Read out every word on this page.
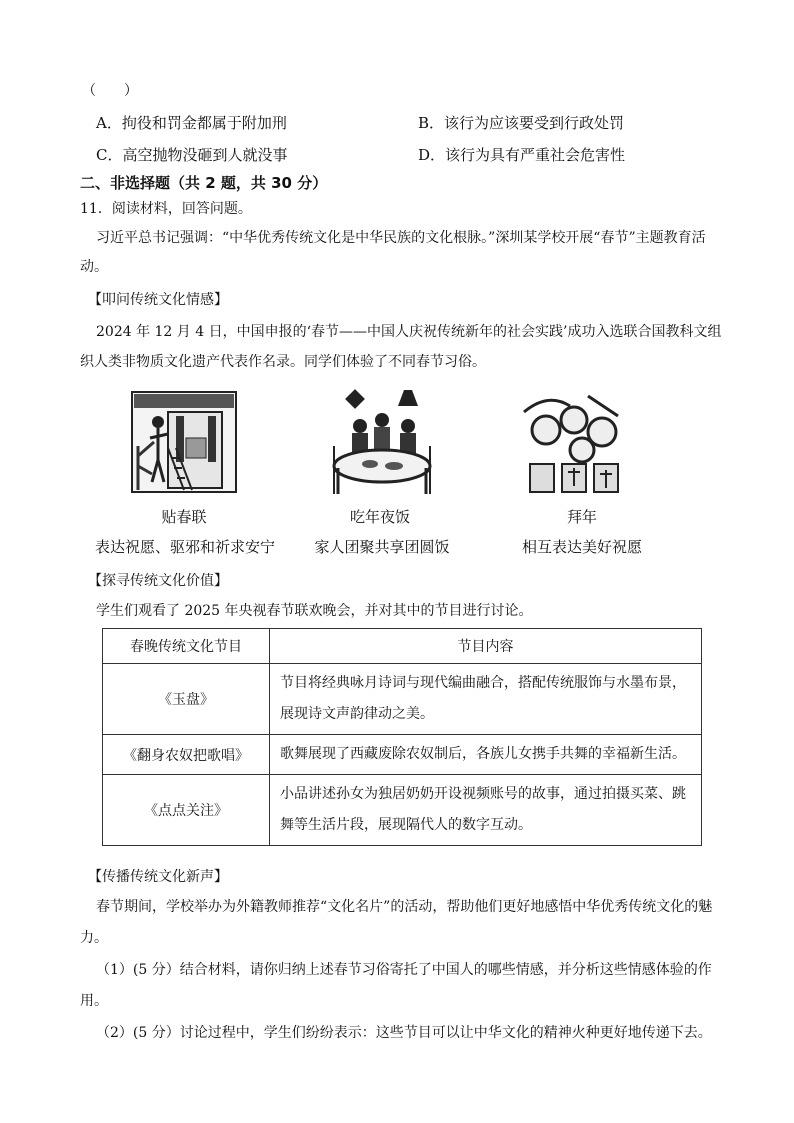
（　　）
A．拘役和罚金都属于附加刑	B．该行为应该要受到行政处罚
C．高空抛物没砸到人就没事	D．该行为具有严重社会危害性
二、非选择题（共 2 题，共 30 分）
11．阅读材料，回答问题。
习近平总书记强调：“中华优秀传统文化是中华民族的文化根脉。”深圳某学校开展“春节”主题教育活
动。
【叩问传统文化情感】
2024 年 12 月 4 日，中国申报的‘春节——中国人庆祝传统新年的社会实践’成功入选联合国教科文组
织人类非物质文化遗产代表作名录。同学们体验了不同春节习俗。
贴春联
表达祝愿、驱邪和祈求安宁
吃年夜饭
家人团聚共享团圆饭
拜年
相互表达美好祝愿
【探寻传统文化价值】
学生们观看了 2025 年央视春节联欢晚会，并对其中的节目进行讨论。
春晚传统文化节目	节目内容
《玉盘》	节目将经典咏月诗词与现代编曲融合，搭配传统服饰与水墨布景，展现诗文声韵律动之美。
《翻身农奴把歌唱》	歌舞展现了西藏废除农奴制后，各族儿女携手共舞的幸福新生活。
《点点关注》	小品讲述孙女为独居奶奶开设视频账号的故事，通过拍摄买菜、跳舞等生活片段，展现隔代人的数字互动。
【传播传统文化新声】
春节期间，学校举办为外籍教师推荐“文化名片”的活动，帮助他们更好地感悟中华优秀传统文化的魅
力。
（1）(5 分）结合材料，请你归纳上述春节习俗寄托了中国人的哪些情感，并分析这些情感体验的作
用。
（2）(5 分）讨论过程中，学生们纷纷表示：这些节目可以让中华文化的精神火种更好地传递下去。
